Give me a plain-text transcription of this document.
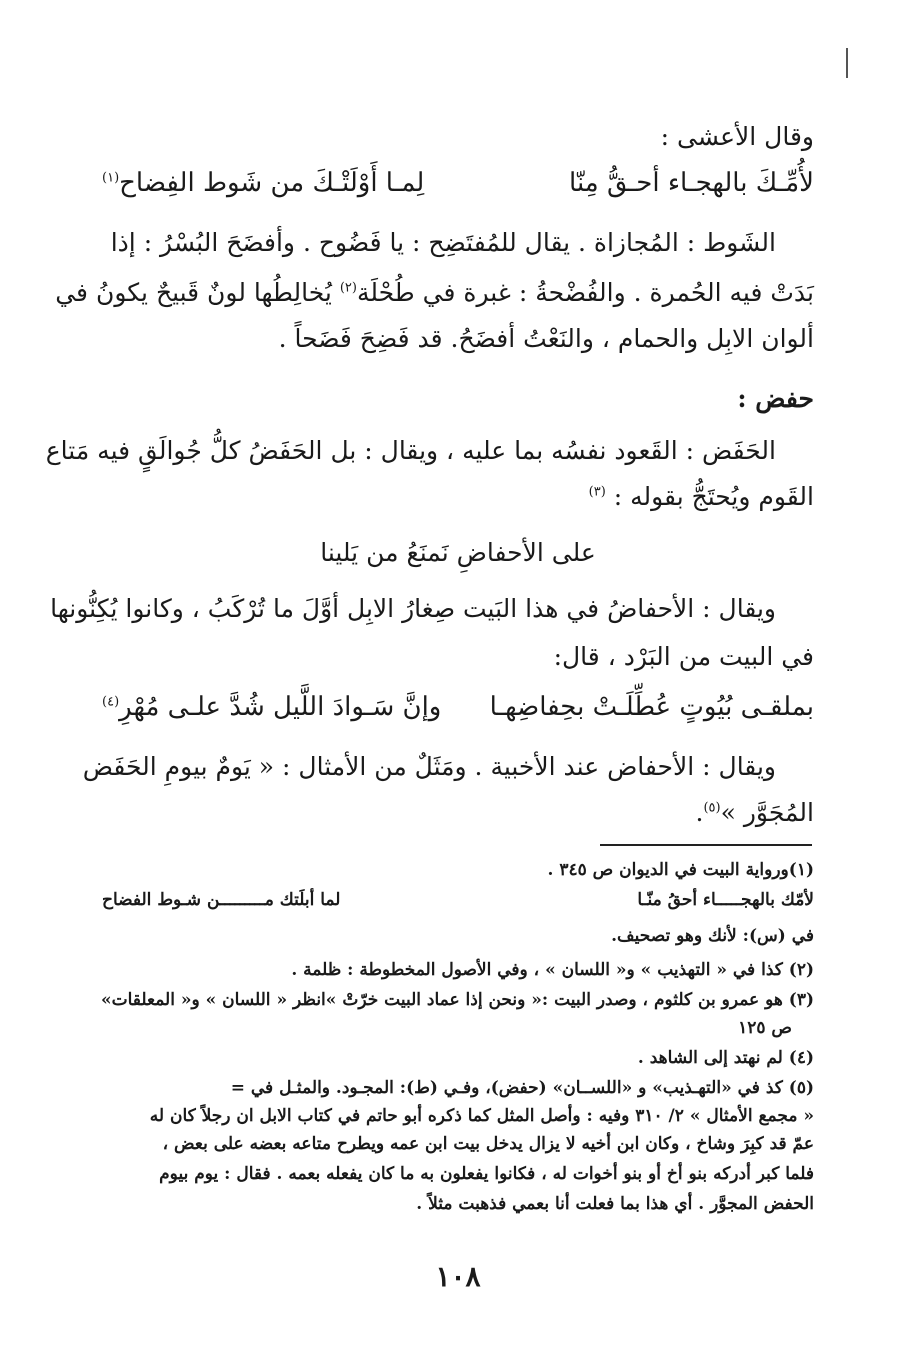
وقال الأعشى :
لأُمِّـكَ بالهجـاء أحـقُّ مِنّا
لِمـا أَوْلَتْـكَ من شَوط الفِضاح$^{(١)}$
الشَوط : المُجازاة . يقال للمُفتَضِح : يا فَضُوح . وأفضَحَ البُسْرُ : إذا
بَدَتْ فيه الحُمرة . والفُضْحةُ : غبرة في طُحْلَة$^{(٢)}$ يُخالِطُها لونٌ قَبيحٌ يكونُ في
ألوان الابِل والحمام ، والنَعْتُ أفضَحُ. قد فَضِحَ فَضَحاً .
حفض :
الحَفَض : القَعود نفسُه بما عليه ، ويقال : بل الحَفَضُ كلُّ جُوالَقٍ فيه مَتاع
القَوم ويُحتَجُّ بقوله : $^{(٣)}$
على الأحفاضِ نَمنَعُ من يَلينا
ويقال : الأحفاضُ في هذا البَيت صِغارُ الابِل أوَّلَ ما تُرْكَبُ ، وكانوا يُكِنُّونها
في البيت من البَرْد ، قال:
بملقـى بُيُوتٍ عُطِّلَـتْ بحِفاضِهـا
وإنَّ سَـوادَ اللَّيل شُدَّ علـى مُهْرِ$^{(٤)}$
ويقال : الأحفاض عند الأخبية . ومَثَلٌ من الأمثال : « يَومٌ بيومِ الحَفَض
المُجَوَّر »$^{(٥)}$.
(١)ورواية البيت في الديوان ص ٣٤٥ .
لأمّك بالهجـــــاء أحقُ منّـا
لما أبلَتك مـــــــــن شـوط الفضاح
في (س): لأنك وهو تصحيف.
(٢) كذا في « التهذيب » و« اللسان » ، وفي الأصول المخطوطة : ظلمة .
(٣) هو عمرو بن كلثوم ، وصدر البيت :« ونحن إذا عماد البيت خرّتْ »انظر « اللسان » و« المعلقات»
ص ١٢٥
(٤) لم نهتد إلى الشاهد .
(٥) كذ في «التهـذيب» و «اللســان» (حفض)، وفـي (ط): المجـود. والمثـل في =
« مجمع الأمثال » ٢/ ٣١٠ وفيه : وأصل المثل كما ذكره أبو حاتم في كتاب الابل ان رجلاً كان له
عمّ قد كبِرَ وشاخ ، وكان ابن أخيه لا يزال يدخل بيت ابن عمه ويطرح متاعه بعضه على بعض ،
فلما كبر أدركه بنو أخ أو بنو أخوات له ، فكانوا يفعلون به ما كان يفعله بعمه . فقال : يوم بيوم
الحفض المجوَّر . أي هذا بما فعلت أنا بعمي فذهبت مثلاً .
١٠٨
